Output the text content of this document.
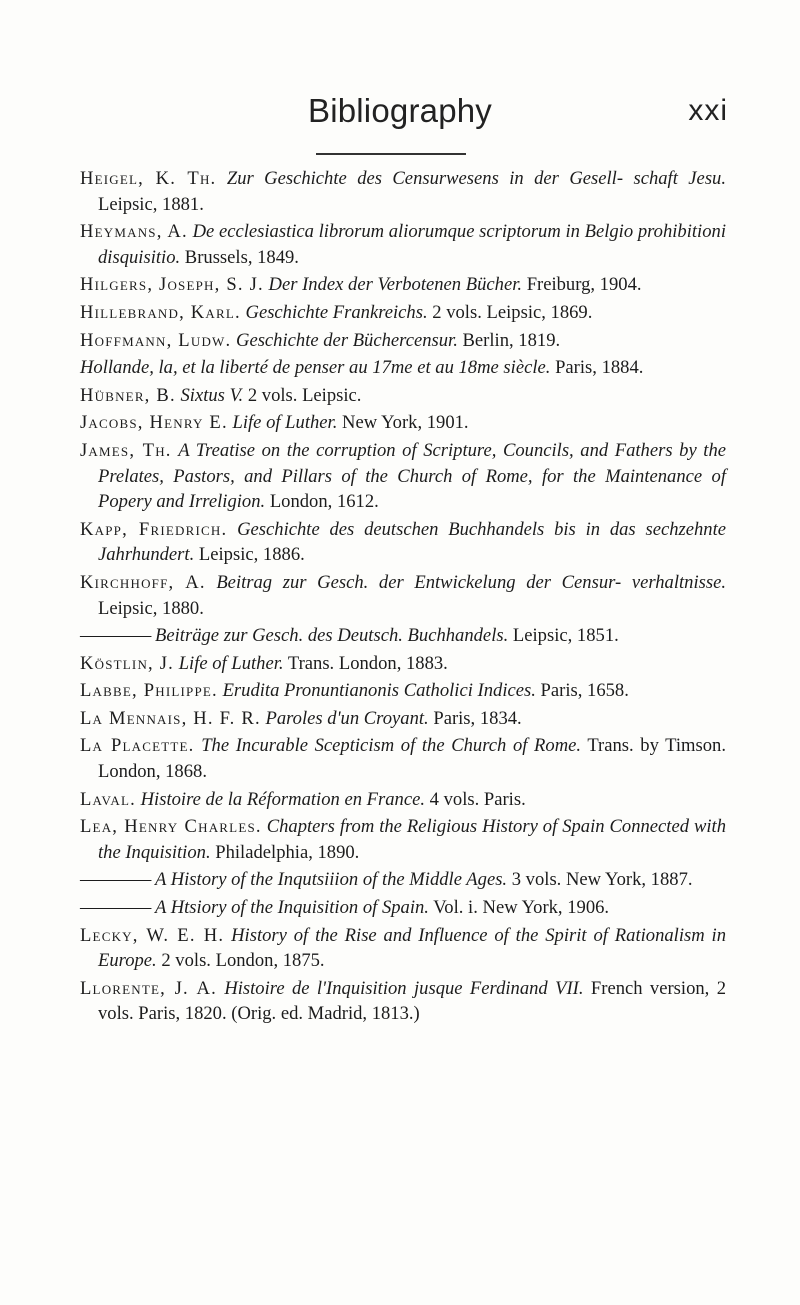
Bibliography	xxi

Heigel, K. Th. Zur Geschichte des Censurwesens in der Gesell- schaft Jesu. Leipsic, 1881.

Heymans, A. De ecclesiastica librorum aliorumque scriptorum in Belgio prohibitioni disquisitio. Brussels, 1849.

Hilgers, Joseph, S. J. Der Index der Verbotenen Bücher. Freiburg, 1904.

Hillebrand, Karl. Geschichte Frankreichs. 2 vols. Leipsic, 1869.

Hoffmann, Ludw. Geschichte der Büchercensur. Berlin, 1819.

Hollande, la, et la liberté de penser au 17me et au 18me siècle. Paris, 1884.

Hübner, B. Sixtus V. 2 vols. Leipsic.

Jacobs, Henry E. Life of Luther. New York, 1901.

James, Th. A Treatise on the corruption of Scripture, Councils, and Fathers by the Prelates, Pastors, and Pillars of the Church of Rome, for the Maintenance of Popery and Irreligion. London, 1612.

Kapp, Friedrich. Geschichte des deutschen Buchhandels bis in das sechzehnte Jahrhundert. Leipsic, 1886.

Kirchhoff, A. Beitrag zur Gesch. der Entwickelung der Censur- verhaltnisse. Leipsic, 1880.

———— Beiträge zur Gesch. des Deutsch. Buchhandels. Leipsic, 1851.

Köstlin, J. Life of Luther. Trans. London, 1883.

Labbe, Philippe. Erudita Pronuntianonis Catholici Indices. Paris, 1658.

La Mennais, H. F. R. Paroles d'un Croyant. Paris, 1834.

La Placette. The Incurable Scepticism of the Church of Rome. Trans. by Timson. London, 1868.

Laval. Histoire de la Réformation en France. 4 vols. Paris.

Lea, Henry Charles. Chapters from the Religious History of Spain Connected with the Inquisition. Philadelphia, 1890.

———— A History of the Inqutsiiion of the Middle Ages. 3 vols. New York, 1887.

———— A Htsiory of the Inquisition of Spain. Vol. i. New York, 1906.

Lecky, W. E. H. History of the Rise and Influence of the Spirit of Rationalism in Europe. 2 vols. London, 1875.

Llorente, J. A. Histoire de l'Inquisition jusque Ferdinand VII. French version, 2 vols. Paris, 1820. (Orig. ed. Madrid, 1813.)
